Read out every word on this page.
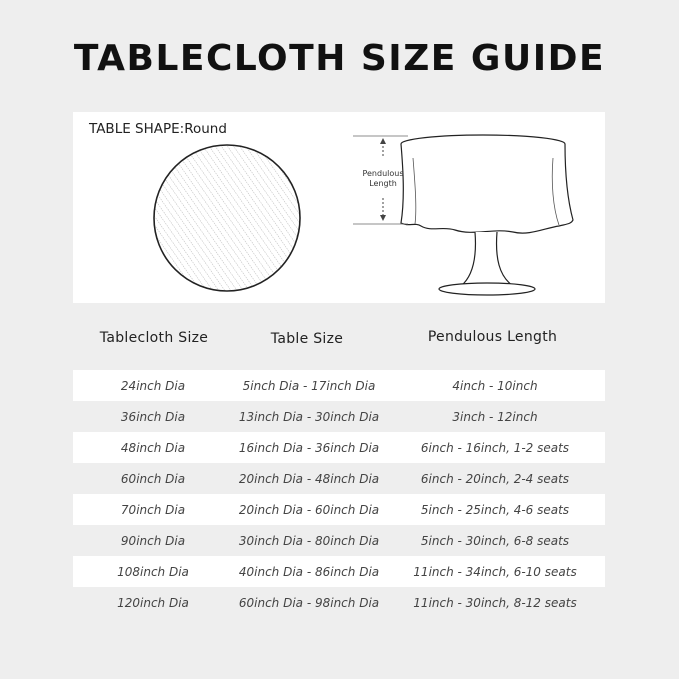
TABLECLOTH SIZE GUIDE
TABLE SHAPE:Round
Pendulous Length
Tablecloth Size	Table Size	Pendulous Length
24inch Dia	5inch Dia - 17inch Dia	4inch - 10inch
36inch Dia	13inch Dia - 30inch Dia	3inch - 12inch
48inch Dia	16inch Dia - 36inch Dia	6inch - 16inch, 1-2 seats
60inch Dia	20inch Dia - 48inch Dia	6inch - 20inch, 2-4 seats
70inch Dia	20inch Dia - 60inch Dia	5inch - 25inch, 4-6 seats
90inch Dia	30inch Dia - 80inch Dia	5inch - 30inch, 6-8 seats
108inch Dia	40inch Dia - 86inch Dia	11inch - 34inch, 6-10 seats
120inch Dia	60inch Dia - 98inch Dia	11inch - 30inch, 8-12 seats
